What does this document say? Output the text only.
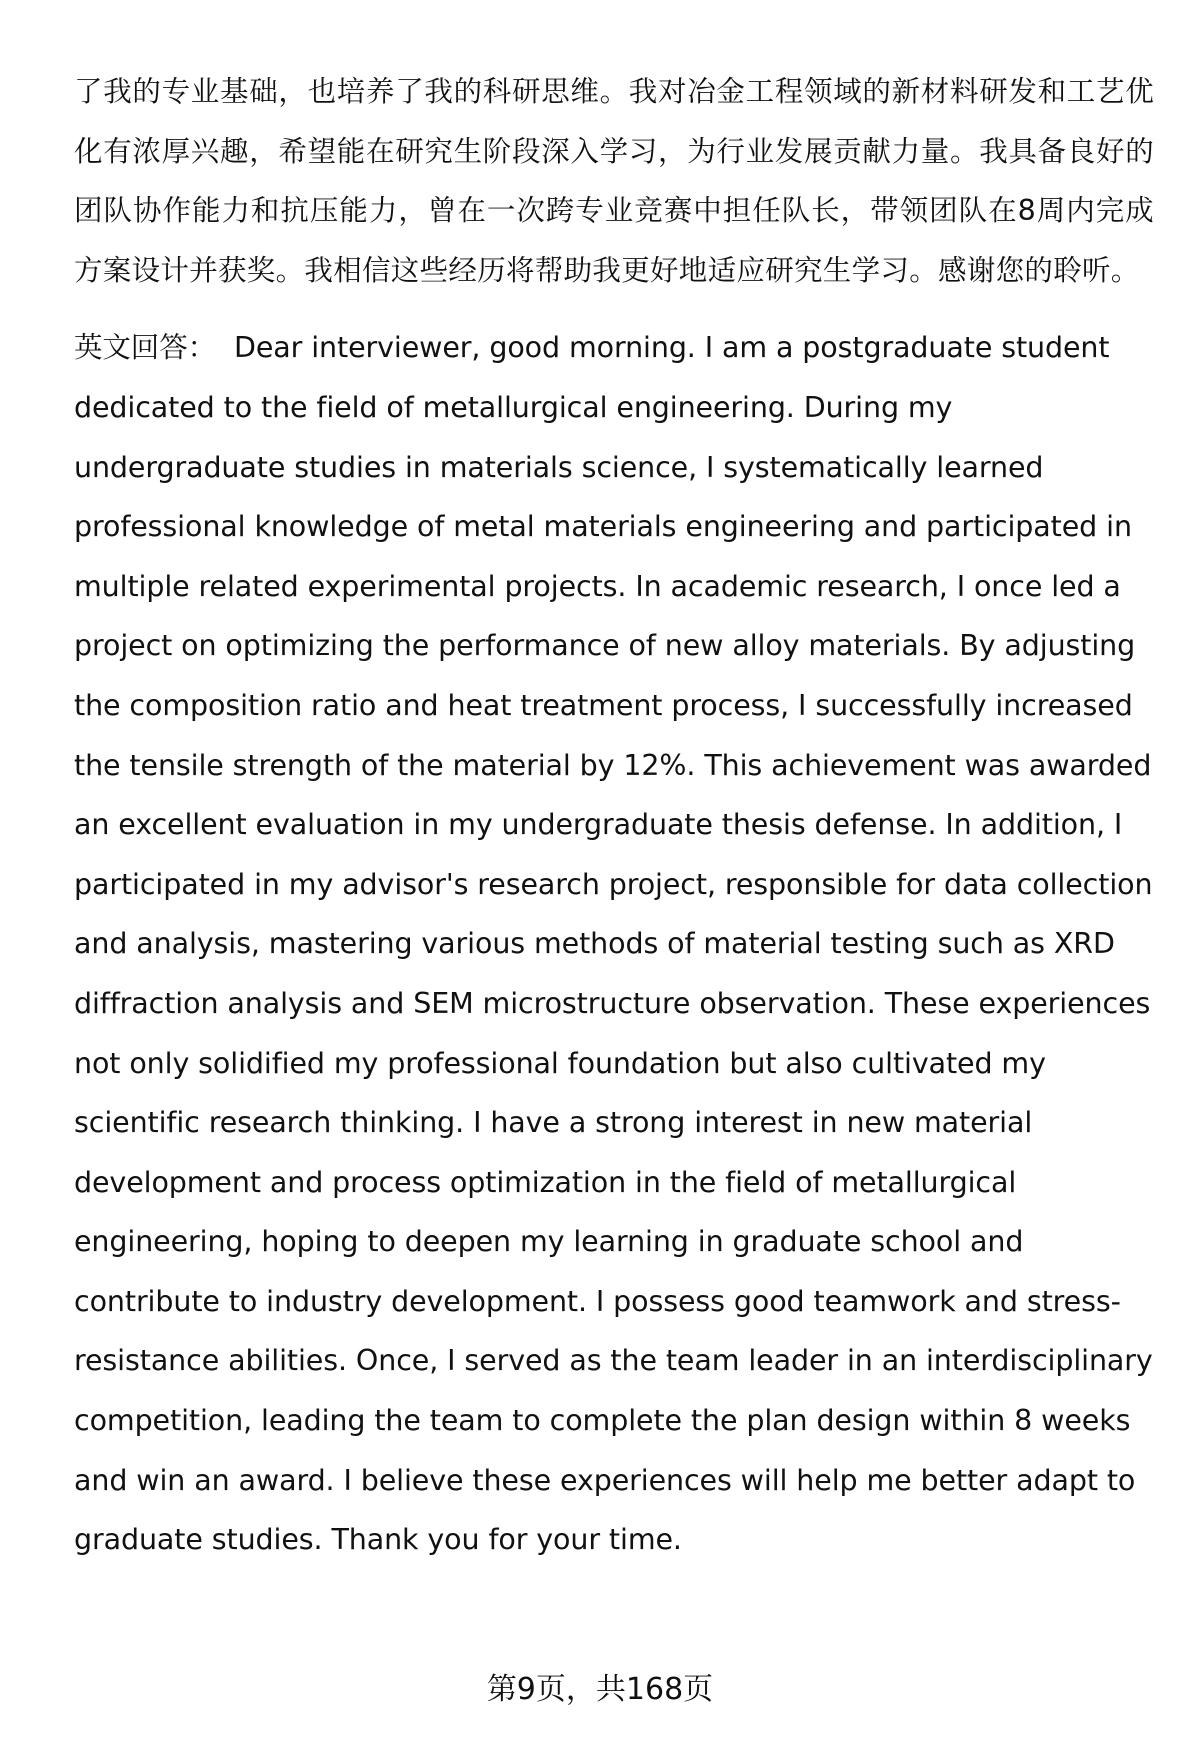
了我的专业基础，也培养了我的科研思维。我对冶金工程领域的新材料研发和工艺优化有浓厚兴趣，希望能在研究生阶段深入学习，为行业发展贡献力量。我具备良好的团队协作能力和抗压能力，曾在一次跨专业竞赛中担任队长，带领团队在8周内完成方案设计并获奖。我相信这些经历将帮助我更好地适应研究生学习。感谢您的聆听。

英文回答： Dear interviewer, good morning. I am a postgraduate student dedicated to the field of metallurgical engineering. During my undergraduate studies in materials science, I systematically learned professional knowledge of metal materials engineering and participated in multiple related experimental projects. In academic research, I once led a project on optimizing the performance of new alloy materials. By adjusting the composition ratio and heat treatment process, I successfully increased the tensile strength of the material by 12%. This achievement was awarded an excellent evaluation in my undergraduate thesis defense. In addition, I participated in my advisor's research project, responsible for data collection and analysis, mastering various methods of material testing such as XRD diffraction analysis and SEM microstructure observation. These experiences not only solidified my professional foundation but also cultivated my scientific research thinking. I have a strong interest in new material development and process optimization in the field of metallurgical engineering, hoping to deepen my learning in graduate school and contribute to industry development. I possess good teamwork and stress-resistance abilities. Once, I served as the team leader in an interdisciplinary competition, leading the team to complete the plan design within 8 weeks and win an award. I believe these experiences will help me better adapt to graduate studies. Thank you for your time.

第9页，共168页
